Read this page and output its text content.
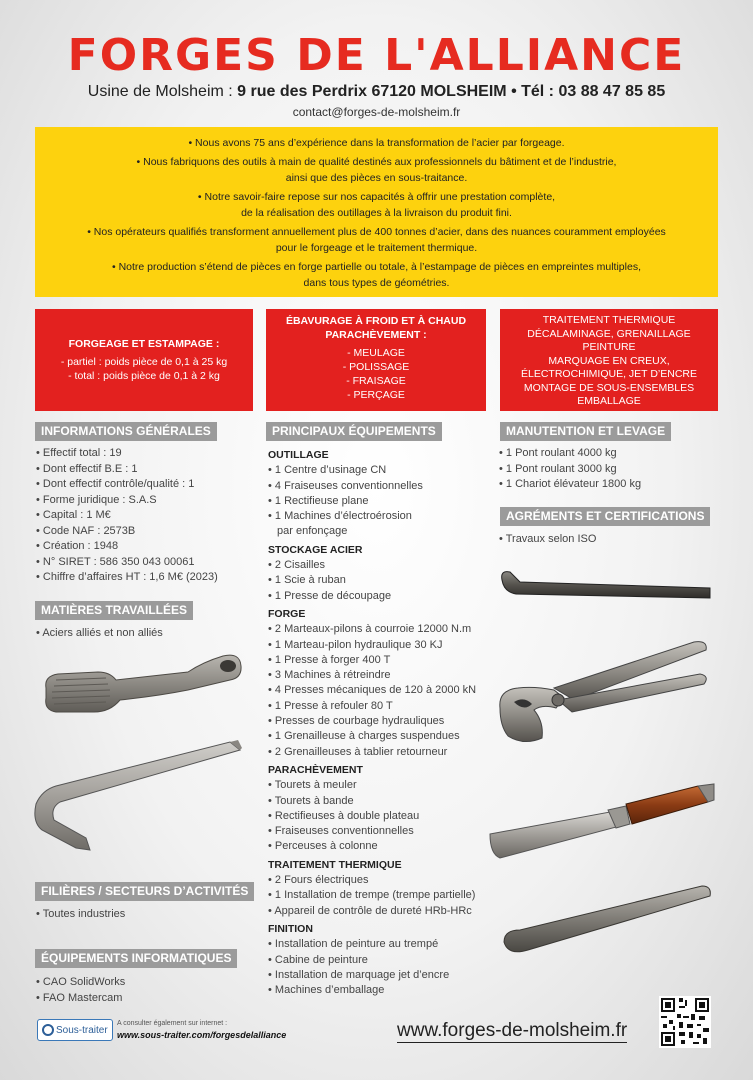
FORGES DE L'ALLIANCE
Usine de Molsheim : 9 rue des Perdrix 67120 MOLSHEIM • Tél : 03 88 47 85 85
contact@forges-de-molsheim.fr

• Nous avons 75 ans d’expérience dans la transformation de l’acier par forgeage.

• Nous fabriquons des outils à main de qualité destinés aux professionnels du bâtiment et de l’industrie,
ainsi que des pièces en sous-traitance.

• Notre savoir-faire repose sur nos capacités à offrir une prestation complète,
de la réalisation des outillages à la livraison du produit fini.

• Nos opérateurs qualifiés transforment annuellement plus de 400 tonnes d’acier, dans des nuances couramment employées
pour le forgeage et le traitement thermique.

• Notre production s’étend de pièces en forge partielle ou totale, à l’estampage de pièces en empreintes multiples,
dans tous types de géométries.

FORGEAGE ET ESTAMPAGE :
- partiel : poids pièce de 0,1 à 25 kg
- total : poids pièce de 0,1 à 2 kg
ÉBAVURAGE À FROID ET À CHAUD
PARACHÈVEMENT :
- MEULAGE
- POLISSAGE
- FRAISAGE
- PERÇAGE
TRAITEMENT THERMIQUE
DÉCALAMINAGE, GRENAILLAGE
PEINTURE
MARQUAGE EN CREUX,
ÉLECTROCHIMIQUE, JET D’ENCRE
MONTAGE DE SOUS-ENSEMBLES
EMBALLAGE
INFORMATIONS GÉNÉRALES
• Effectif total : 19
• Dont effectif B.E : 1
• Dont effectif contrôle/qualité : 1
• Forme juridique : S.A.S
• Capital : 1 M€
• Code NAF : 2573B
• Création : 1948
• N° SIRET : 586 350 043 00061
• Chiffre d’affaires HT : 1,6 M€ (2023)
MATIÈRES TRAVAILLÉES
• Aciers alliés et non alliés
FILIÈRES / SECTEURS D’ACTIVITÉS
• Toutes industries
ÉQUIPEMENTS INFORMATIQUES
• CAO SolidWorks
• FAO Mastercam
PRINCIPAUX ÉQUIPEMENTS
OUTILLAGE
• 1 Centre d’usinage CN
• 4 Fraiseuses conventionnelles
• 1 Rectifieuse plane
• 1 Machines d’électroérosion
par enfonçage
STOCKAGE ACIER
• 2 Cisailles
• 1 Scie à ruban
• 1 Presse de découpage
FORGE
• 2 Marteaux-pilons à courroie 12000 N.m
• 1 Marteau-pilon hydraulique 30 KJ
• 1 Presse à forger 400 T
• 3 Machines à rétreindre
• 4 Presses mécaniques de 120 à 2000 kN
• 1 Presse à refouler 80 T
• Presses de courbage hydrauliques
• 1 Grenailleuse à charges suspendues
• 2 Grenailleuses à tablier retourneur
PARACHÈVEMENT
• Tourets à meuler
• Tourets à bande
• Rectifieuses à double plateau
• Fraiseuses conventionnelles
• Perceuses à colonne
TRAITEMENT THERMIQUE
• 2 Fours électriques
• 1 Installation de trempe (trempe partielle)
• Appareil de contrôle de dureté HRb-HRc
FINITION
• Installation de peinture au trempé
• Cabine de peinture
• Installation de marquage jet d’encre
• Machines d’emballage
MANUTENTION ET LEVAGE
• 1 Pont roulant 4000 kg
• 1 Pont roulant 3000 kg
• 1 Chariot élévateur 1800 kg
AGRÉMENTS ET CERTIFICATIONS
• Travaux selon ISO
Sous-traiter
A consulter également sur internet :
www.sous-traiter.com/forgesdelalliance	www.forges-de-molsheim.fr
